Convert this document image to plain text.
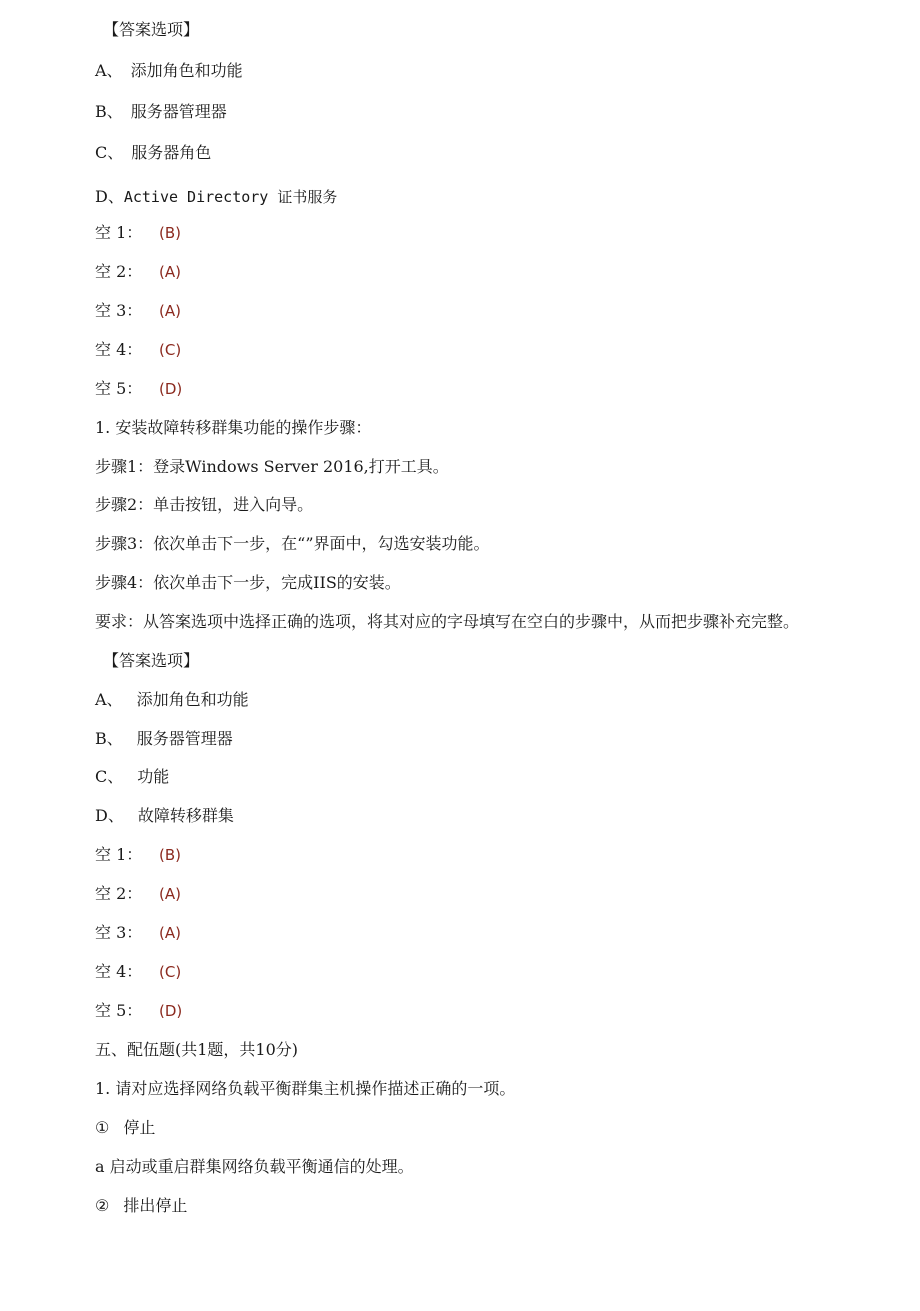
【答案选项】
A、 添加角色和功能
B、 服务器管理器
C、 服务器角色
D、Active Directory 证书服务
空 1： (B)
空 2： (A)
空 3： (A)
空 4： (C)
空 5： (D)
1. 安装故障转移群集功能的操作步骤：
步骤1：登录Windows Server 2016,打开工具。
步骤2：单击按钮，进入向导。
步骤3：依次单击下一步，在“”界面中，勾选安装功能。
步骤4：依次单击下一步，完成IIS的安装。
要求：从答案选项中选择正确的选项，将其对应的字母填写在空白的步骤中，从而把步骤补充完整。
【答案选项】
A、 添加角色和功能
B、 服务器管理器
C、 功能
D、 故障转移群集
空 1： (B)
空 2： (A)
空 3： (A)
空 4： (C)
空 5： (D)
五、配伍题(共1题，共10分)
1. 请对应选择网络负载平衡群集主机操作描述正确的一项。
① 停止
a 启动或重启群集网络负载平衡通信的处理。
② 排出停止
